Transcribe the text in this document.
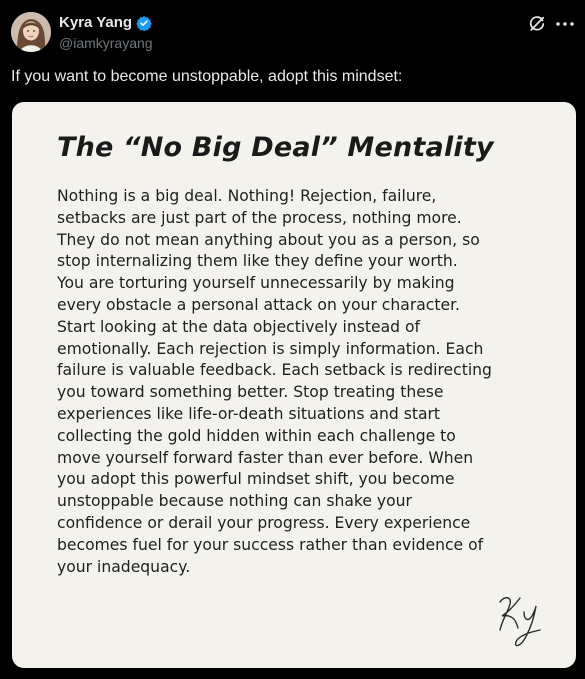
Kyra Yang
@iamkyrayang
If you want to become unstoppable, adopt this mindset:
The “No Big Deal” Mentality
Nothing is a big deal. Nothing! Rejection, failure,
setbacks are just part of the process, nothing more.
They do not mean anything about you as a person, so
stop internalizing them like they define your worth.
You are torturing yourself unnecessarily by making
every obstacle a personal attack on your character.
Start looking at the data objectively instead of
emotionally. Each rejection is simply information. Each
failure is valuable feedback. Each setback is redirecting
you toward something better. Stop treating these
experiences like life-or-death situations and start
collecting the gold hidden within each challenge to
move yourself forward faster than ever before. When
you adopt this powerful mindset shift, you become
unstoppable because nothing can shake your
confidence or derail your progress. Every experience
becomes fuel for your success rather than evidence of
your inadequacy.
